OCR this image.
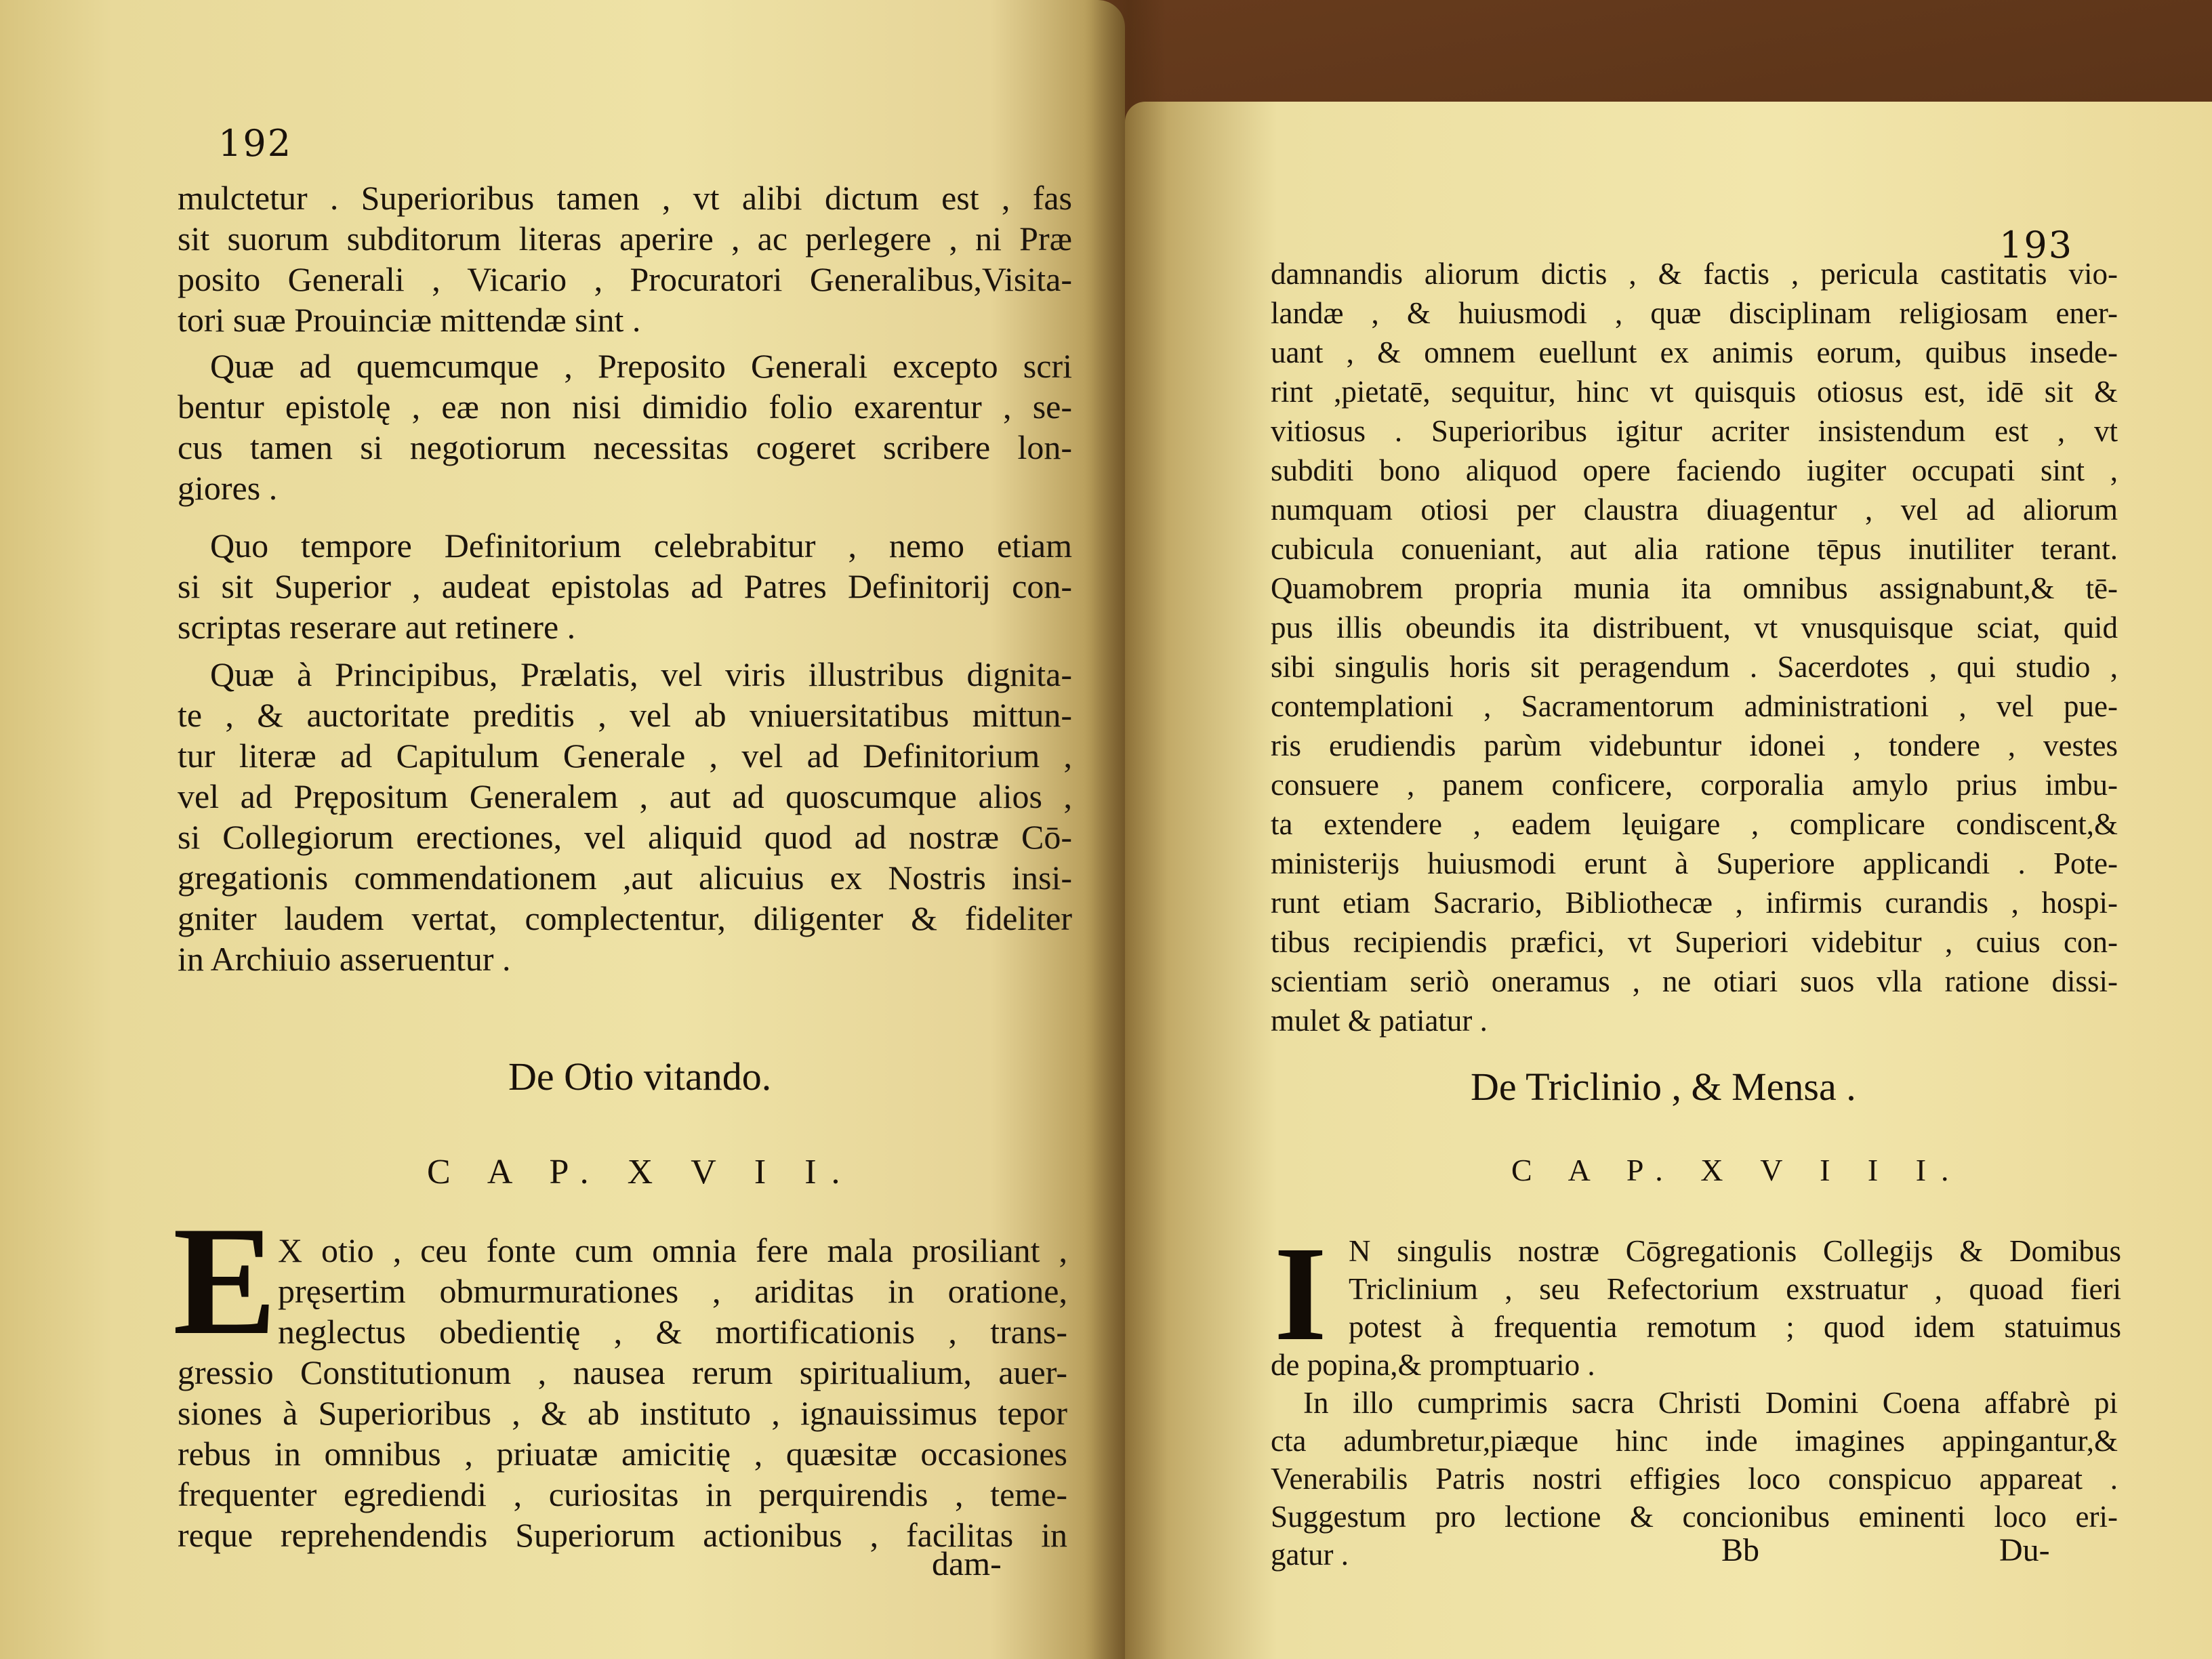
192
mulctetur . Superioribus tamen , vt alibi dictum est , fas
sit suorum subditorum literas aperire , ac perlegere , ni Præ
posito Generali , Vicario , Procuratori Generalibus,Visita-
tori suæ Prouinciæ mittendæ sint .
Quæ ad quemcumque , Preposito Generali excepto scri
bentur epistolę , eæ non nisi dimidio folio exarentur , se-
cus tamen si negotiorum necessitas cogeret scribere lon-
giores .
Quo tempore Definitorium celebrabitur , nemo etiam
si sit Superior , audeat epistolas ad Patres Definitorij con-
scriptas reserare aut retinere .
Quæ à Principibus, Prælatis, vel viris illustribus dignita-
te , & auctoritate preditis , vel ab vniuersitatibus mittun-
tur literæ ad Capitulum Generale , vel ad Definitorium ,
vel ad Prępositum Generalem , aut ad quoscumque alios ,
si Collegiorum erectiones, vel aliquid quod ad nostræ Cō-
gregationis commendationem ,aut alicuius ex Nostris insi-
gniter laudem vertat, complectentur, diligenter & fideliter
in Archiuio asseruentur .
De Otio vitando.
C A P. X V I I.
E X otio , ceu fonte cum omnia fere mala prosiliant ,
pręsertim obmurmurationes , ariditas in oratione,
neglectus obedientię , & mortificationis , trans-
gressio Constitutionum , nausea rerum spiritualium, auer-
siones à Superioribus , & ab instituto , ignauissimus tepor
rebus in omnibus , priuatæ amicitię , quæsitæ occasiones
frequenter egrediendi , curiositas in perquirendis , teme-
reque reprehendendis Superiorum actionibus , facilitas in
dam-
193
damnandis aliorum dictis , & factis , pericula castitatis vio-
landæ , & huiusmodi , quæ disciplinam religiosam ener-
uant , & omnem euellunt ex animis eorum, quibus insede-
rint ,pietatē, sequitur, hinc vt quisquis otiosus est, idē sit &
vitiosus . Superioribus igitur acriter insistendum est , vt
subditi bono aliquod opere faciendo iugiter occupati sint ,
numquam otiosi per claustra diuagentur , vel ad aliorum
cubicula conueniant, aut alia ratione tēpus inutiliter terant.
Quamobrem propria munia ita omnibus assignabunt,& tē-
pus illis obeundis ita distribuent, vt vnusquisque sciat, quid
sibi singulis horis sit peragendum . Sacerdotes , qui studio ,
contemplationi , Sacramentorum administrationi , vel pue-
ris erudiendis parùm videbuntur idonei , tondere , vestes
consuere , panem conficere, corporalia amylo prius imbu-
ta extendere , eadem lęuigare , complicare condiscent,&
ministerijs huiusmodi erunt à Superiore applicandi . Pote-
runt etiam Sacrario, Bibliothecæ , infirmis curandis , hospi-
tibus recipiendis præfici, vt Superiori videbitur , cuius con-
scientiam seriò oneramus , ne otiari suos vlla ratione dissi-
mulet & patiatur .
De Triclinio , & Mensa .
C A P. X V I I I.
I N singulis nostræ Cōgregationis Collegijs & Domibus
Triclinium , seu Refectorium exstruatur , quoad fieri
potest à frequentia remotum ; quod idem statuimus
de popina,& promptuario .
In illo cumprimis sacra Christi Domini Coena affabrè pi
cta adumbretur,piæque hinc inde imagines appingantur,&
Venerabilis Patris nostri effigies loco conspicuo appareat .
Suggestum pro lectione & concionibus eminenti loco eri-
gatur .	Bb	Du-
